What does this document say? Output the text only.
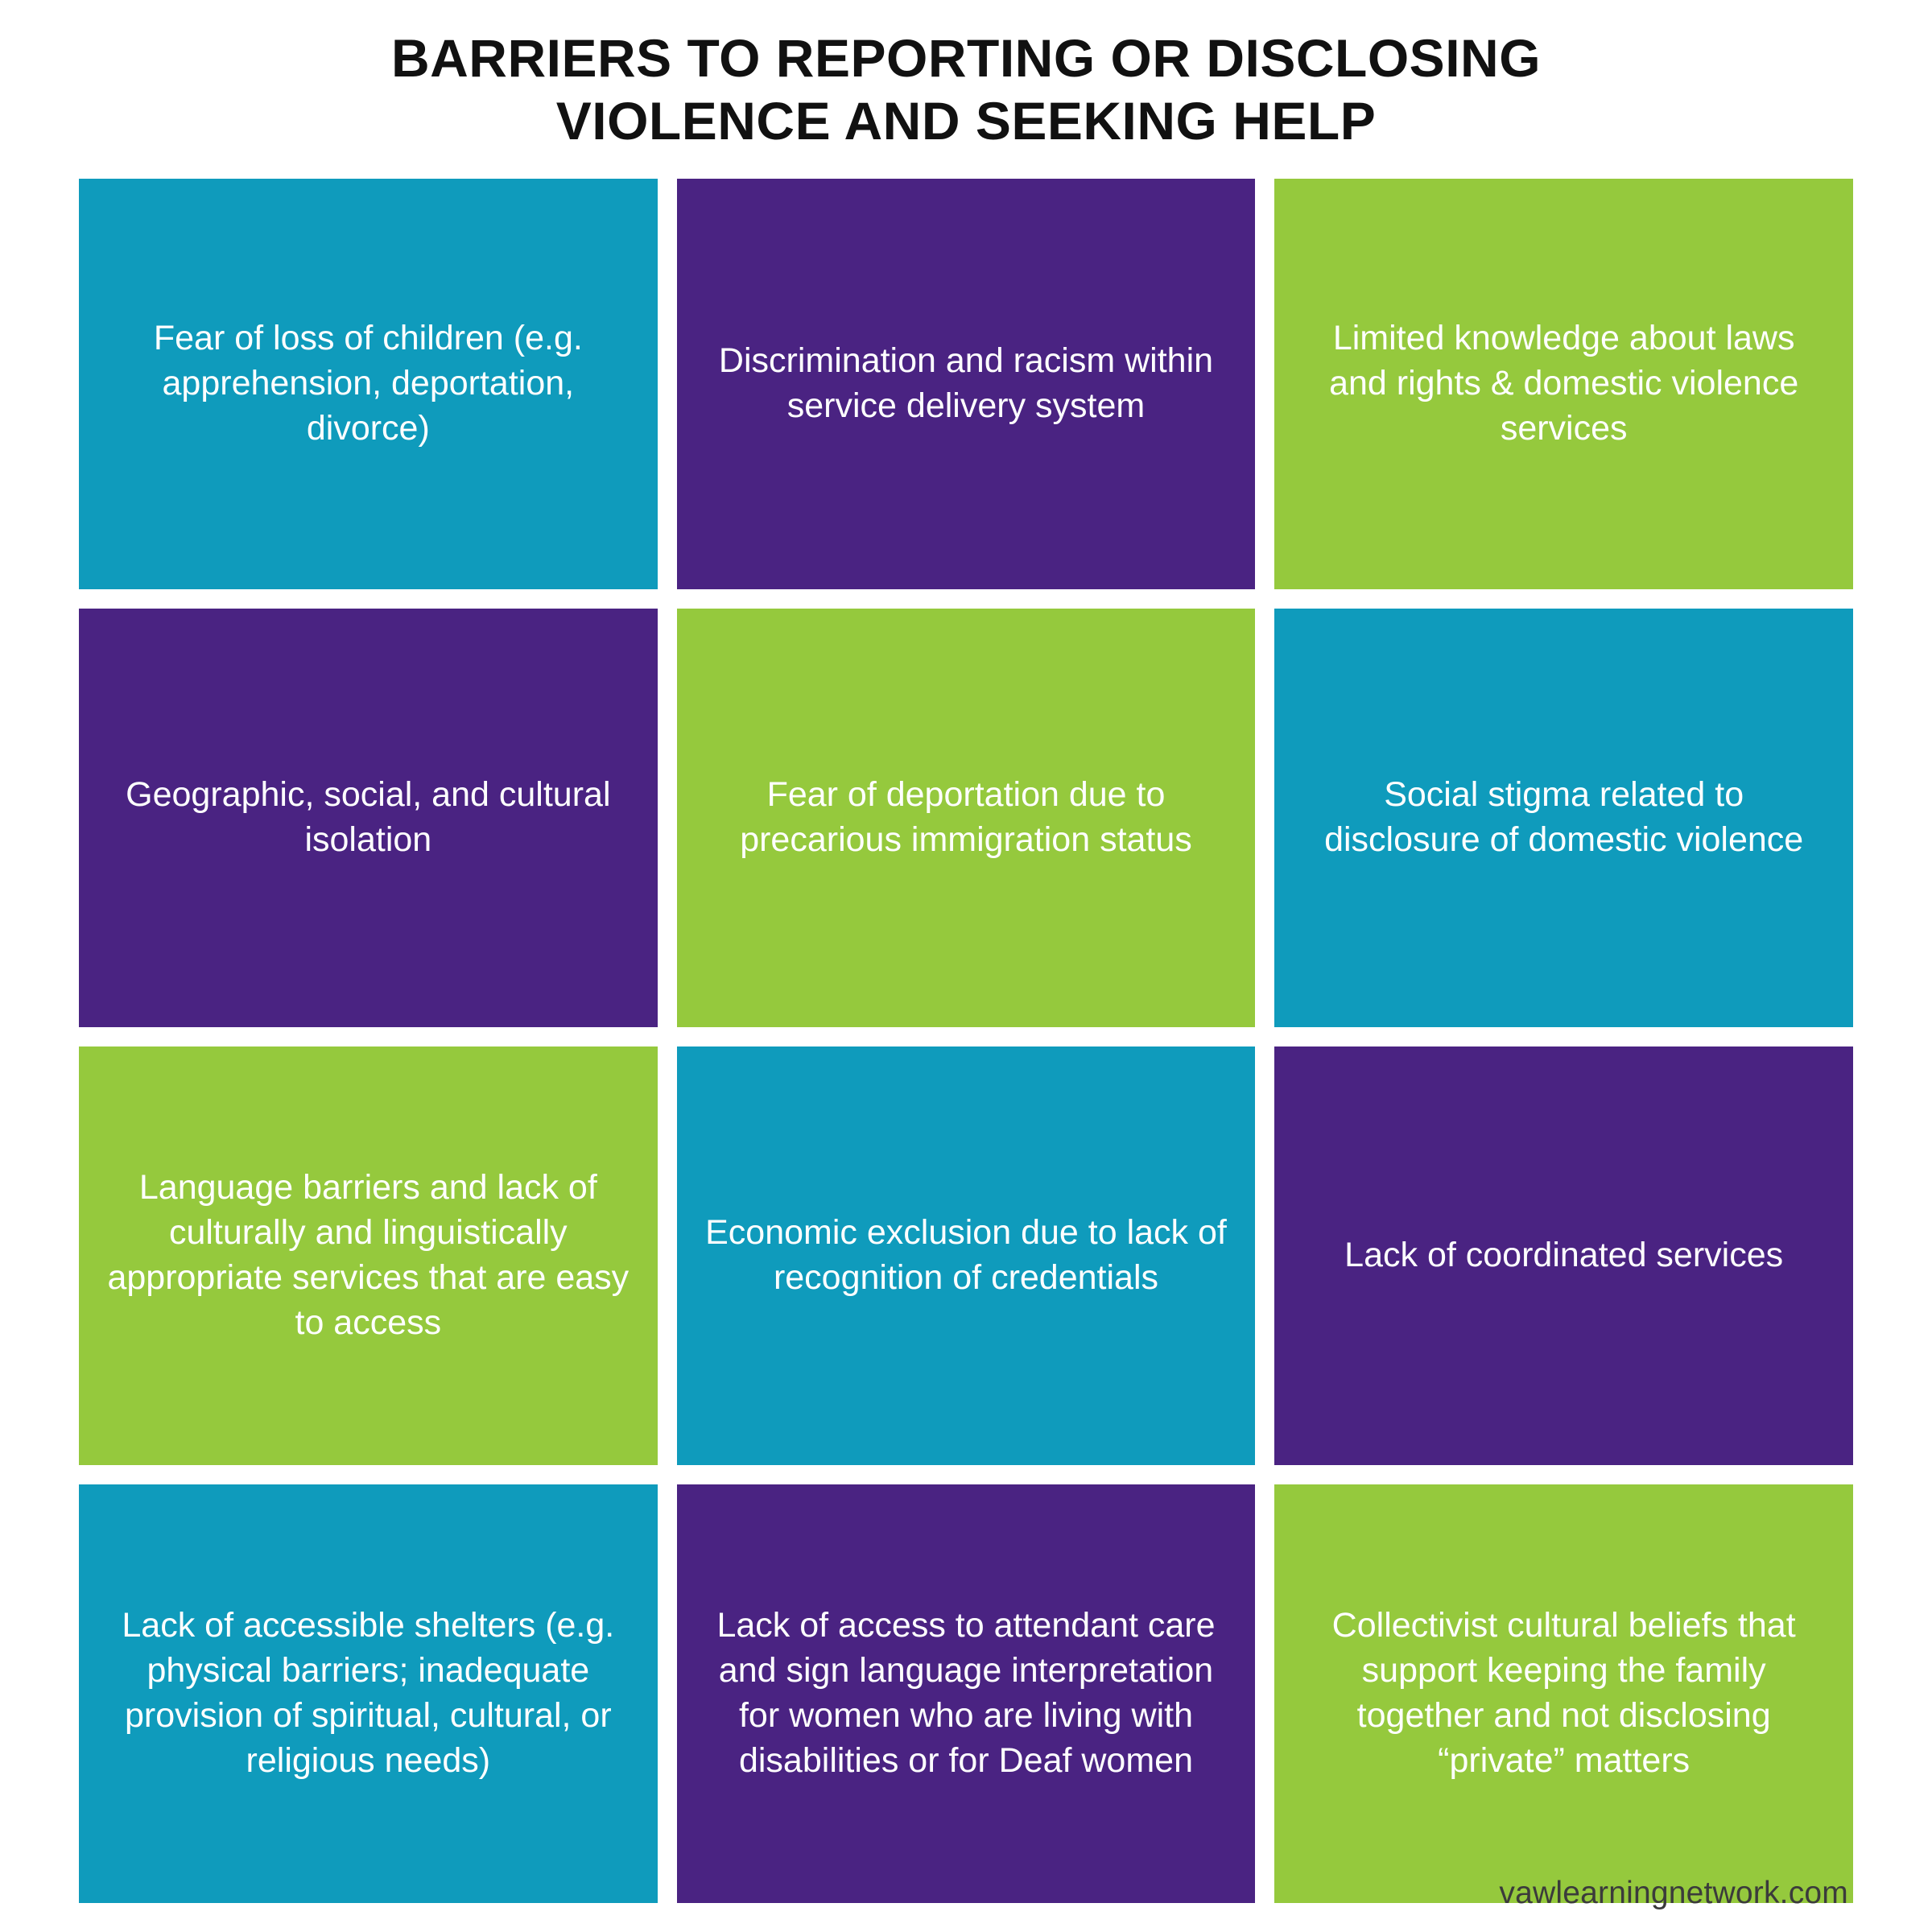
BARRIERS TO REPORTING OR DISCLOSING
VIOLENCE AND SEEKING HELP
Fear of loss of children (e.g. apprehension, deportation, divorce)
Discrimination and racism within service delivery system
Limited knowledge about laws and rights & domestic violence services
Geographic, social, and cultural isolation
Fear of deportation due to precarious immigration status
Social stigma related to disclosure of domestic violence
Language barriers and lack of culturally and linguistically appropriate services that are easy to access
Economic exclusion due to lack of recognition of credentials
Lack of coordinated services
Lack of accessible shelters (e.g. physical barriers; inadequate provision of spiritual, cultural, or religious needs)
Lack of access to attendant care and sign language interpretation for women who are living with disabilities or for Deaf women
Collectivist cultural beliefs that support keeping the family together and not disclosing “private” matters
vawlearningnetwork.com
